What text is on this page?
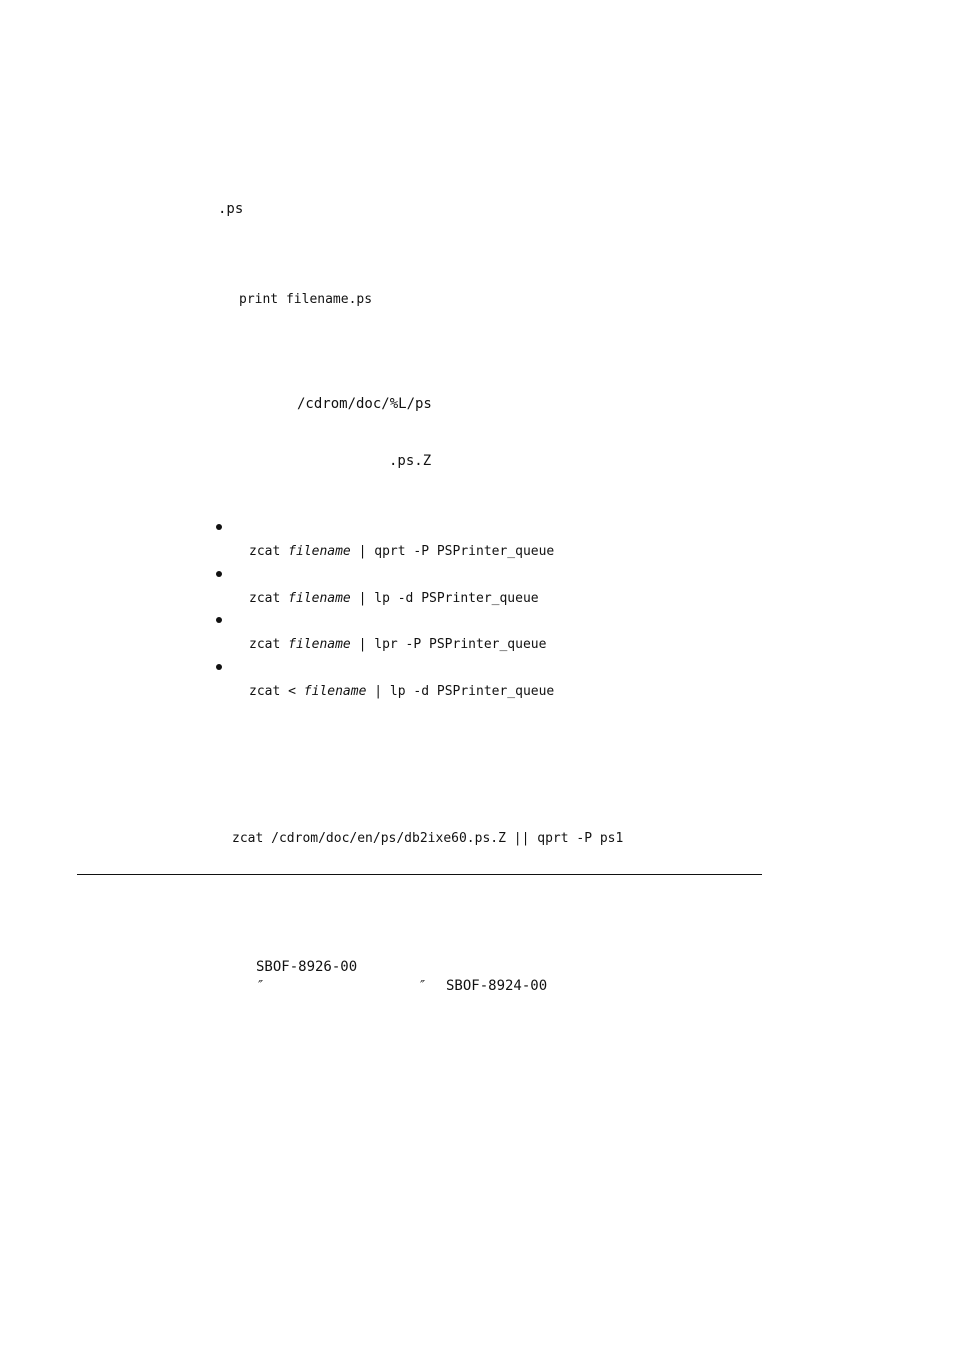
.ps
print filename.ps
/cdrom/doc/%L/ps
.ps.Z
zcat filename | qprt -P PSPrinter_queue
zcat filename | lp -d PSPrinter_queue
zcat filename | lpr -P PSPrinter_queue
zcat < filename | lp -d PSPrinter_queue
zcat /cdrom/doc/en/ps/db2ixe60.ps.Z || qprt -P ps1
SBOF-8926-00
″	″ SBOF-8924-00
